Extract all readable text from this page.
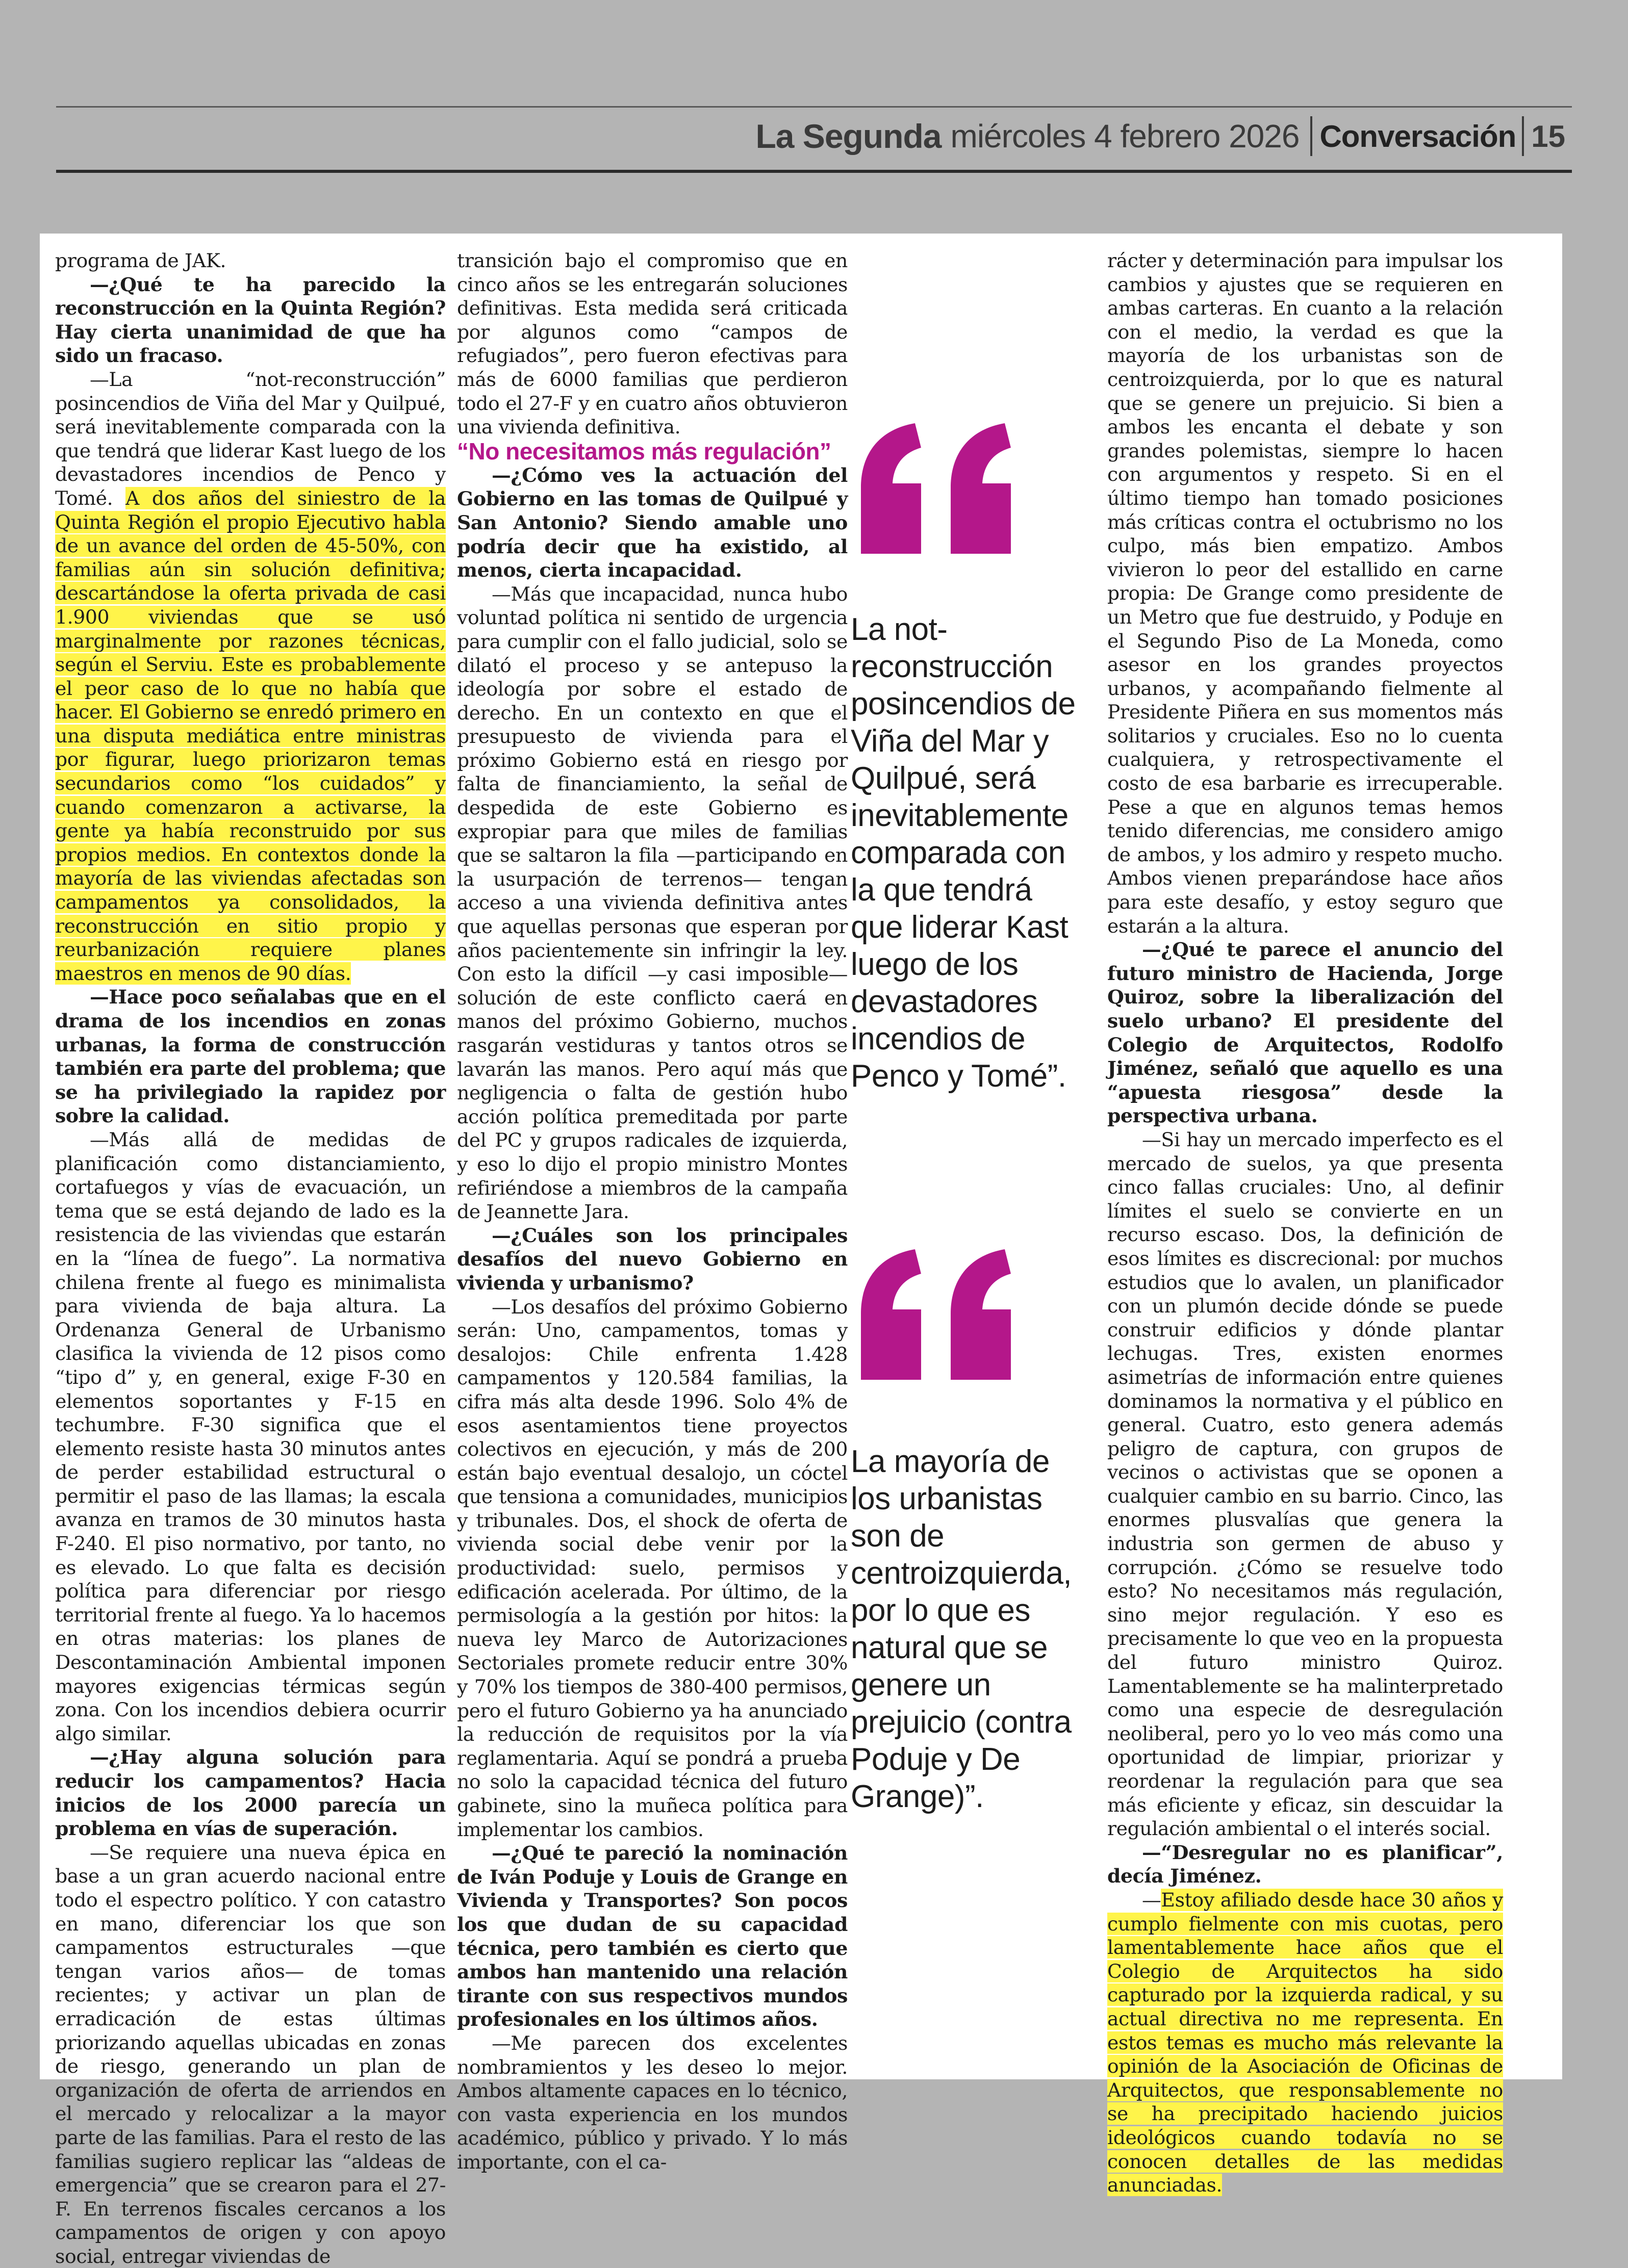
La Segunda miércoles 4 febrero 2026 Conversación 15

programa de JAK.

—¿Qué te ha parecido la reconstrucción en la Quinta Región? Hay cierta unanimidad de que ha sido un fracaso.

—La “not-reconstrucción” posincendios de Viña del Mar y Quilpué, será inevitablemente comparada con la que tendrá que liderar Kast luego de los devastadores incendios de Penco y Tomé. A dos años del siniestro de la Quinta Región el propio Ejecutivo habla de un avance del orden de 45-50%, con familias aún sin solución definitiva; descartándose la oferta privada de casi 1.900 viviendas que se usó marginalmente por razones técnicas, según el Serviu. Este es probablemente el peor caso de lo que no había que hacer. El Gobierno se enredó primero en una disputa mediática entre ministras por figurar, luego priorizaron temas secundarios como “los cuidados” y cuando comenzaron a activarse, la gente ya había reconstruido por sus propios medios. En contextos donde la mayoría de las viviendas afectadas son campamentos ya consolidados, la reconstrucción en sitio propio y reurbanización requiere planes maestros en menos de 90 días.

—Hace poco señalabas que en el drama de los incendios en zonas urbanas, la forma de construcción también era parte del problema; que se ha privilegiado la rapidez por sobre la calidad.

—Más allá de medidas de planificación como distanciamiento, cortafuegos y vías de evacuación, un tema que se está dejando de lado es la resistencia de las viviendas que estarán en la “línea de fuego”. La normativa chilena frente al fuego es minimalista para vivienda de baja altura. La Ordenanza General de Urbanismo clasifica la vivienda de 12 pisos como “tipo d” y, en general, exige F-30 en elementos soportantes y F-15 en techumbre. F-30 significa que el elemento resiste hasta 30 minutos antes de perder estabilidad estructural o permitir el paso de las llamas; la escala avanza en tramos de 30 minutos hasta F-240. El piso normativo, por tanto, no es elevado. Lo que falta es decisión política para diferenciar por riesgo territorial frente al fuego. Ya lo hacemos en otras materias: los planes de Descontaminación Ambiental imponen mayores exigencias térmicas según zona. Con los incendios debiera ocurrir algo similar.

—¿Hay alguna solución para reducir los campamentos? Hacia inicios de los 2000 parecía un problema en vías de superación.

—Se requiere una nueva épica en base a un gran acuerdo nacional entre todo el espectro político. Y con catastro en mano, diferenciar los que son campamentos estructurales —que tengan varios años— de tomas recientes; y activar un plan de erradicación de estas últimas priorizando aquellas ubicadas en zonas de riesgo, generando un plan de organización de oferta de arriendos en el mercado y relocalizar a la mayor parte de las familias. Para el resto de las familias sugiero replicar las “aldeas de emergencia” que se crearon para el 27-F. En terrenos fiscales cercanos a los campamentos de origen y con apoyo social, entregar viviendas de

transición bajo el compromiso que en cinco años se les entregarán soluciones definitivas. Esta medida será criticada por algunos como “campos de refugiados”, pero fueron efectivas para más de 6000 familias que perdieron todo el 27-F y en cuatro años obtuvieron una vivienda definitiva.

“No necesitamos más regulación”

—¿Cómo ves la actuación del Gobierno en las tomas de Quilpué y San Antonio? Siendo amable uno podría decir que ha existido, al menos, cierta incapacidad.

—Más que incapacidad, nunca hubo voluntad política ni sentido de urgencia para cumplir con el fallo judicial, solo se dilató el proceso y se antepuso la ideología por sobre el estado de derecho. En un contexto en que el presupuesto de vivienda para el próximo Gobierno está en riesgo por falta de financiamiento, la señal de despedida de este Gobierno es expropiar para que miles de familias que se saltaron la fila —participando en la usurpación de terrenos— tengan acceso a una vivienda definitiva antes que aquellas personas que esperan por años pacientemente sin infringir la ley. Con esto la difícil —y casi imposible— solución de este conflicto caerá en manos del próximo Gobierno, muchos rasgarán vestiduras y tantos otros se lavarán las manos. Pero aquí más que negligencia o falta de gestión hubo acción política premeditada por parte del PC y grupos radicales de izquierda, y eso lo dijo el propio ministro Montes refiriéndose a miembros de la campaña de Jeannette Jara.

—¿Cuáles son los principales desafíos del nuevo Gobierno en vivienda y urbanismo?

—Los desafíos del próximo Gobierno serán: Uno, campamentos, tomas y desalojos: Chile enfrenta 1.428 campamentos y 120.584 familias, la cifra más alta desde 1996. Solo 4% de esos asentamientos tiene proyectos colectivos en ejecución, y más de 200 están bajo eventual desalojo, un cóctel que tensiona a comunidades, municipios y tribunales. Dos, el shock de oferta de vivienda social debe venir por la productividad: suelo, permisos y edificación acelerada. Por último, de la permisología a la gestión por hitos: la nueva ley Marco de Autorizaciones Sectoriales promete reducir entre 30% y 70% los tiempos de 380-400 permisos, pero el futuro Gobierno ya ha anunciado la reducción de requisitos por la vía reglamentaria. Aquí se pondrá a prueba no solo la capacidad técnica del futuro gabinete, sino la muñeca política para implementar los cambios.

—¿Qué te pareció la nominación de Iván Poduje y Louis de Grange en Vivienda y Transportes? Son pocos los que dudan de su capacidad técnica, pero también es cierto que ambos han mantenido una relación tirante con sus respectivos mundos profesionales en los últimos años.

—Me parecen dos excelentes nombramientos y les deseo lo mejor. Ambos altamente capaces en lo técnico, con vasta experiencia en los mundos académico, público y privado. Y lo más importante, con el ca-

La not-reconstrucción posincendios de Viña del Mar y Quilpué, será inevitablemente comparada con la que tendrá que liderar Kast luego de los devastadores incendios de Penco y Tomé”.
La mayoría de los urbanistas son de centroizquierda, por lo que es natural que se genere un prejuicio (contra Poduje y De Grange)”.

rácter y determinación para impulsar los cambios y ajustes que se requieren en ambas carteras. En cuanto a la relación con el medio, la verdad es que la mayoría de los urbanistas son de centroizquierda, por lo que es natural que se genere un prejuicio. Si bien a ambos les encanta el debate y son grandes polemistas, siempre lo hacen con argumentos y respeto. Si en el último tiempo han tomado posiciones más críticas contra el octubrismo no los culpo, más bien empatizo. Ambos vivieron lo peor del estallido en carne propia: De Grange como presidente de un Metro que fue destruido, y Poduje en el Segundo Piso de La Moneda, como asesor en los grandes proyectos urbanos, y acompañando fielmente al Presidente Piñera en sus momentos más solitarios y cruciales. Eso no lo cuenta cualquiera, y retrospectivamente el costo de esa barbarie es irrecuperable. Pese a que en algunos temas hemos tenido diferencias, me considero amigo de ambos, y los admiro y respeto mucho. Ambos vienen preparándose hace años para este desafío, y estoy seguro que estarán a la altura.

—¿Qué te parece el anuncio del futuro ministro de Hacienda, Jorge Quiroz, sobre la liberalización del suelo urbano? El presidente del Colegio de Arquitectos, Rodolfo Jiménez, señaló que aquello es una “apuesta riesgosa” desde la perspectiva urbana.

—Si hay un mercado imperfecto es el mercado de suelos, ya que presenta cinco fallas cruciales: Uno, al definir límites el suelo se convierte en un recurso escaso. Dos, la definición de esos límites es discrecional: por muchos estudios que lo avalen, un planificador con un plumón decide dónde se puede construir edificios y dónde plantar lechugas. Tres, existen enormes asimetrías de información entre quienes dominamos la normativa y el público en general. Cuatro, esto genera además peligro de captura, con grupos de vecinos o activistas que se oponen a cualquier cambio en su barrio. Cinco, las enormes plusvalías que genera la industria son germen de abuso y corrupción. ¿Cómo se resuelve todo esto? No necesitamos más regulación, sino mejor regulación. Y eso es precisamente lo que veo en la propuesta del futuro ministro Quiroz. Lamentablemente se ha malinterpretado como una especie de desregulación neoliberal, pero yo lo veo más como una oportunidad de limpiar, priorizar y reordenar la regulación para que sea más eficiente y eficaz, sin descuidar la regulación ambiental o el interés social.

—“Desregular no es planificar”, decía Jiménez.

—Estoy afiliado desde hace 30 años y cumplo fielmente con mis cuotas, pero lamentablemente hace años que el Colegio de Arquitectos ha sido capturado por la izquierda radical, y su actual directiva no me representa. En estos temas es mucho más relevante la opinión de la Asociación de Oficinas de Arquitectos, que responsablemente no se ha precipitado haciendo juicios ideológicos cuando todavía no se conocen detalles de las medidas anunciadas.
